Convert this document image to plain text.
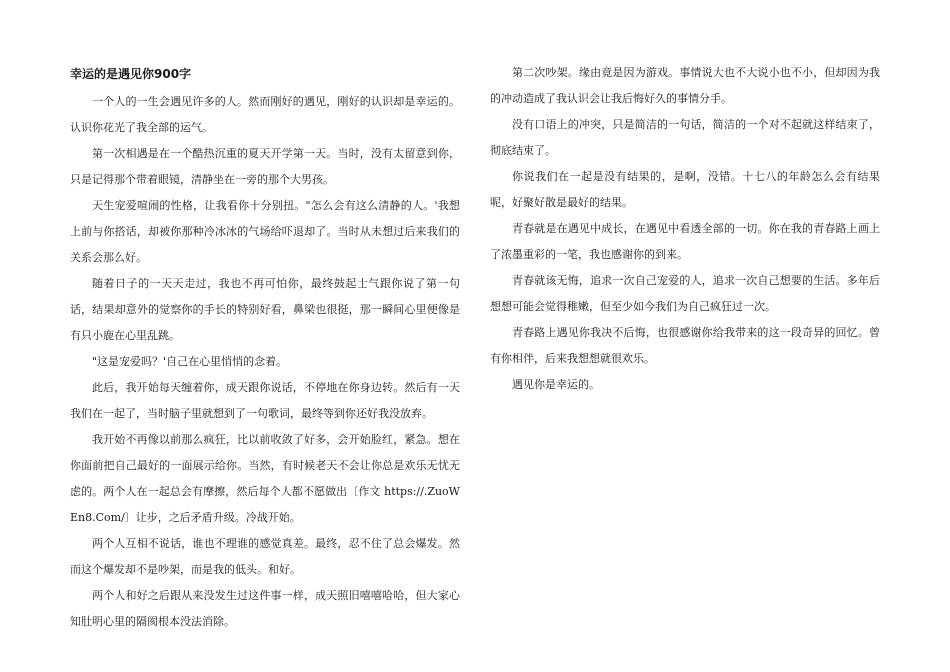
幸运的是遇见你900字

一个人的一生会遇见许多的人。然而刚好的遇见，刚好的认识却是幸运的。认识你花光了我全部的运气。

第一次相遇是在一个酷热沉重的夏天开学第一天。当时，没有太留意到你，只是记得那个带着眼镜，清静坐在一旁的那个大男孩。

天生宠爱喧闹的性格，让我看你十分别扭。"怎么会有这么清静的人。'我想上前与你搭话，却被你那种冷冰冰的气场给吓退却了。当时从未想过后来我们的关系会那么好。

随着日子的一天天走过，我也不再可怕你，最终鼓起士气跟你说了第一句话，结果却意外的觉察你的手长的特别好看，鼻梁也很挺，那一瞬间心里便像是有只小鹿在心里乱跳。

"这是宠爱吗？'自己在心里悄悄的念着。

此后，我开始每天缠着你，成天跟你说话，不停地在你身边转。然后有一天我们在一起了，当时脑子里就想到了一句歌词，最终等到你还好我没放弃。

我开始不再像以前那么疯狂，比以前收敛了好多，会开始脸红，紧急。想在你面前把自己最好的一面展示给你。当然，有时候老天不会让你总是欢乐无忧无虑的。两个人在一起总会有摩擦，然后每个人都不愿做出〔作文 https://.ZuoWEn8.Com/〕让步，之后矛盾升级。冷战开始。

两个人互相不说话，谁也不理谁的感觉真差。最终，忍不住了总会爆发。然而这个爆发却不是吵架，而是我的低头。和好。

两个人和好之后跟从来没发生过这件事一样，成天照旧嘻嘻哈哈，但大家心知肚明心里的隔阂根本没法消除。

第二次吵架。缘由竟是因为游戏。事情说大也不大说小也不小，但却因为我的冲动造成了我认识会让我后悔好久的事情分手。

没有口语上的冲突，只是简洁的一句话，简洁的一个对不起就这样结束了，彻底结束了。

你说我们在一起是没有结果的，是啊，没错。十七八的年龄怎么会有结果呢，好聚好散是最好的结果。

青春就是在遇见中成长，在遇见中看透全部的一切。你在我的青春路上画上了浓墨重彩的一笔，我也感谢你的到来。

青春就该无悔，追求一次自己宠爱的人，追求一次自己想要的生活。多年后想想可能会觉得稚嫩，但至少如今我们为自己疯狂过一次。

青春路上遇见你我决不后悔，也很感谢你给我带来的这一段奇异的回忆。曾有你相伴，后来我想想就很欢乐。

遇见你是幸运的。
